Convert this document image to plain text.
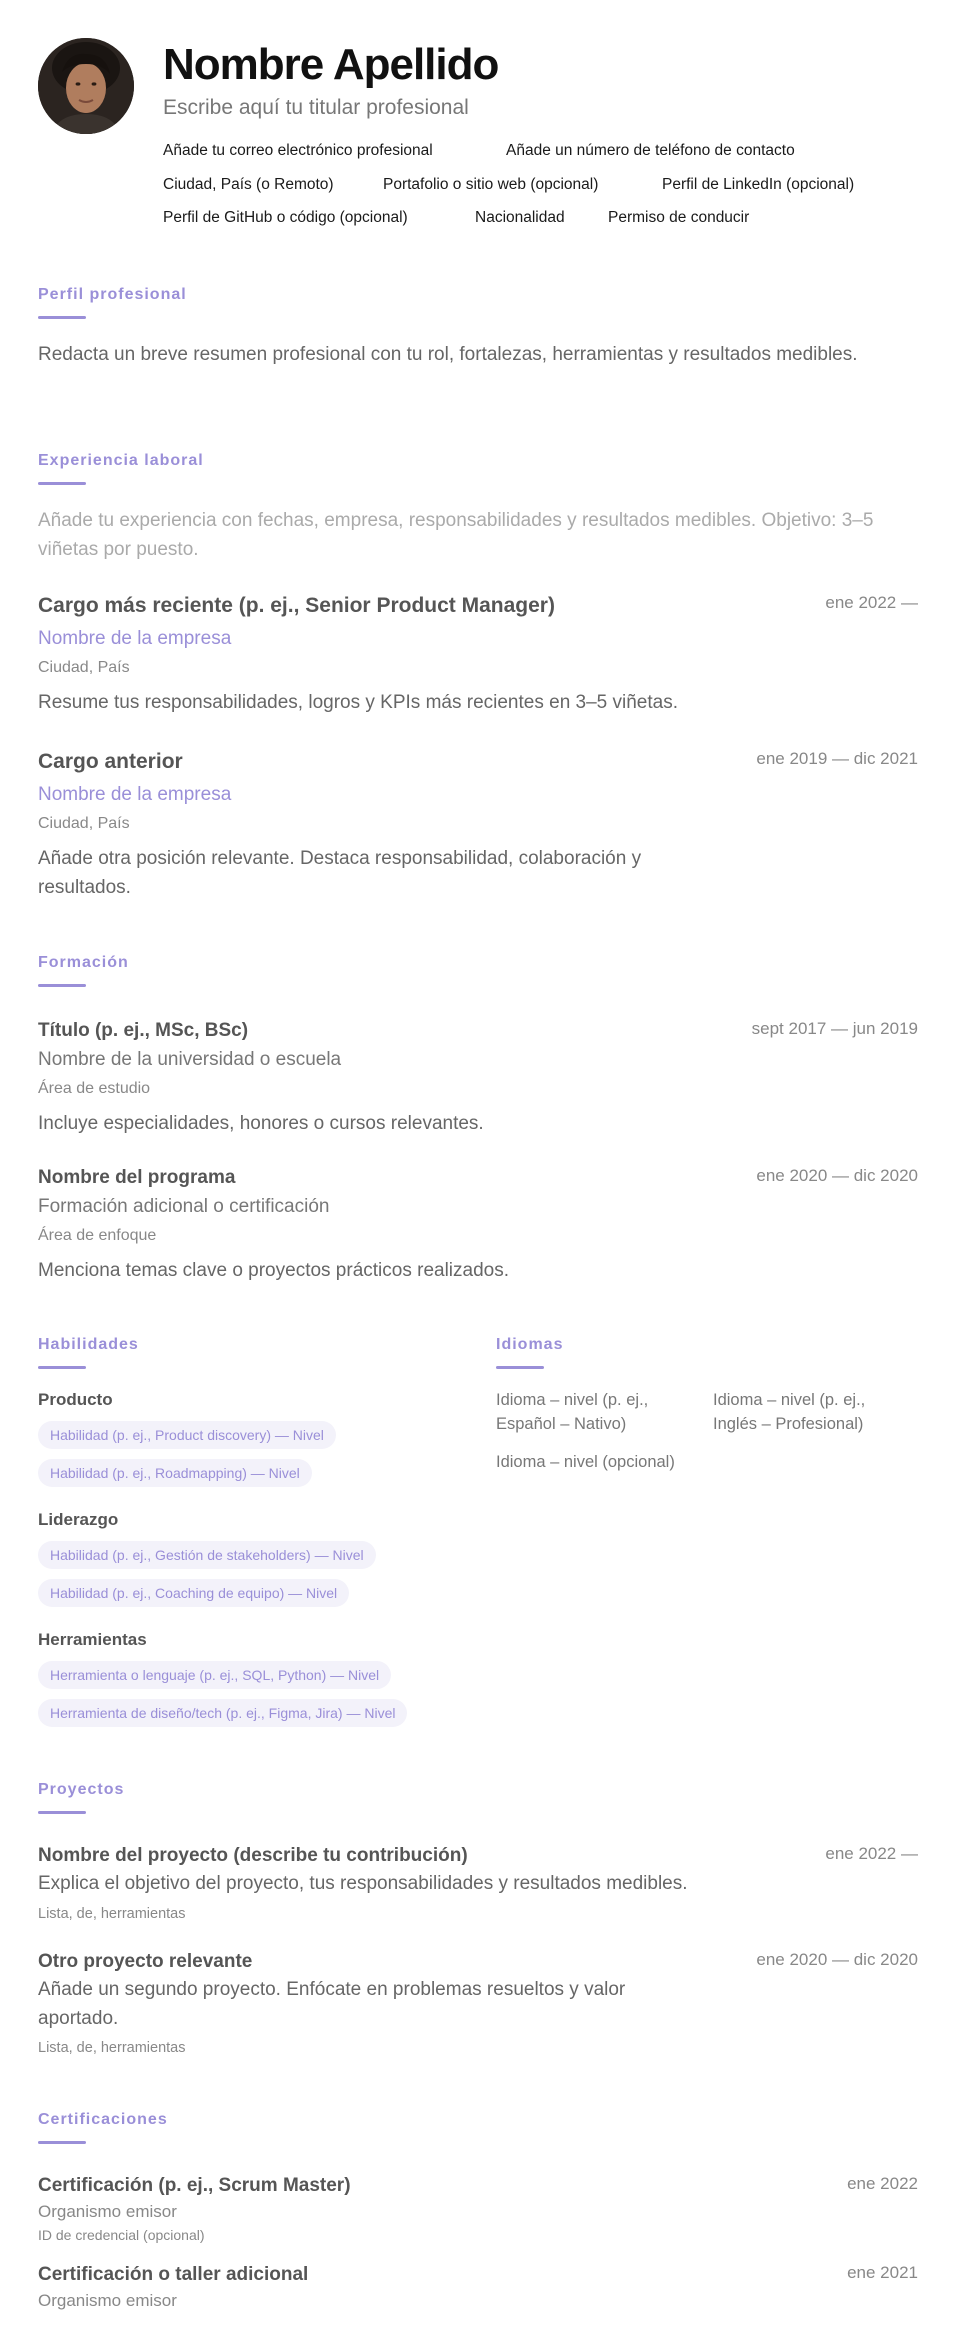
Nombre Apellido
Escribe aquí tu titular profesional
Añade tu correo electrónico profesional	Añade un número de teléfono de contacto
Ciudad, País (o Remoto)	Portafolio o sitio web (opcional)	Perfil de LinkedIn (opcional)
Perfil de GitHub o código (opcional)	Nacionalidad	Permiso de conducir
Perfil profesional
Redacta un breve resumen profesional con tu rol, fortalezas, herramientas y resultados medibles.
Experiencia laboral
Añade tu experiencia con fechas, empresa, responsabilidades y resultados medibles. Objetivo: 3–5 viñetas por puesto.
Cargo más reciente (p. ej., Senior Product Manager)	ene 2022 —
Nombre de la empresa
Ciudad, País
Resume tus responsabilidades, logros y KPIs más recientes en 3–5 viñetas.
Cargo anterior	ene 2019 — dic 2021
Nombre de la empresa
Ciudad, País
Añade otra posición relevante. Destaca responsabilidad, colaboración y resultados.
Formación
Título (p. ej., MSc, BSc)	sept 2017 — jun 2019
Nombre de la universidad o escuela
Área de estudio
Incluye especialidades, honores o cursos relevantes.
Nombre del programa	ene 2020 — dic 2020
Formación adicional o certificación
Área de enfoque
Menciona temas clave o proyectos prácticos realizados.
Habilidades
Producto
Habilidad (p. ej., Product discovery) — Nivel
Habilidad (p. ej., Roadmapping) — Nivel
Liderazgo
Habilidad (p. ej., Gestión de stakeholders) — Nivel
Habilidad (p. ej., Coaching de equipo) — Nivel
Herramientas
Herramienta o lenguaje (p. ej., SQL, Python) — Nivel
Herramienta de diseño/tech (p. ej., Figma, Jira) — Nivel
Idiomas
Idioma – nivel (p. ej., Español – Nativo)
Idioma – nivel (p. ej., Inglés – Profesional)
Idioma – nivel (opcional)
Proyectos
Nombre del proyecto (describe tu contribución)	ene 2022 —
Explica el objetivo del proyecto, tus responsabilidades y resultados medibles.
Lista, de, herramientas
Otro proyecto relevante	ene 2020 — dic 2020
Añade un segundo proyecto. Enfócate en problemas resueltos y valor aportado.
Lista, de, herramientas
Certificaciones
Certificación (p. ej., Scrum Master)	ene 2022
Organismo emisor
ID de credencial (opcional)
Certificación o taller adicional	ene 2021
Organismo emisor
